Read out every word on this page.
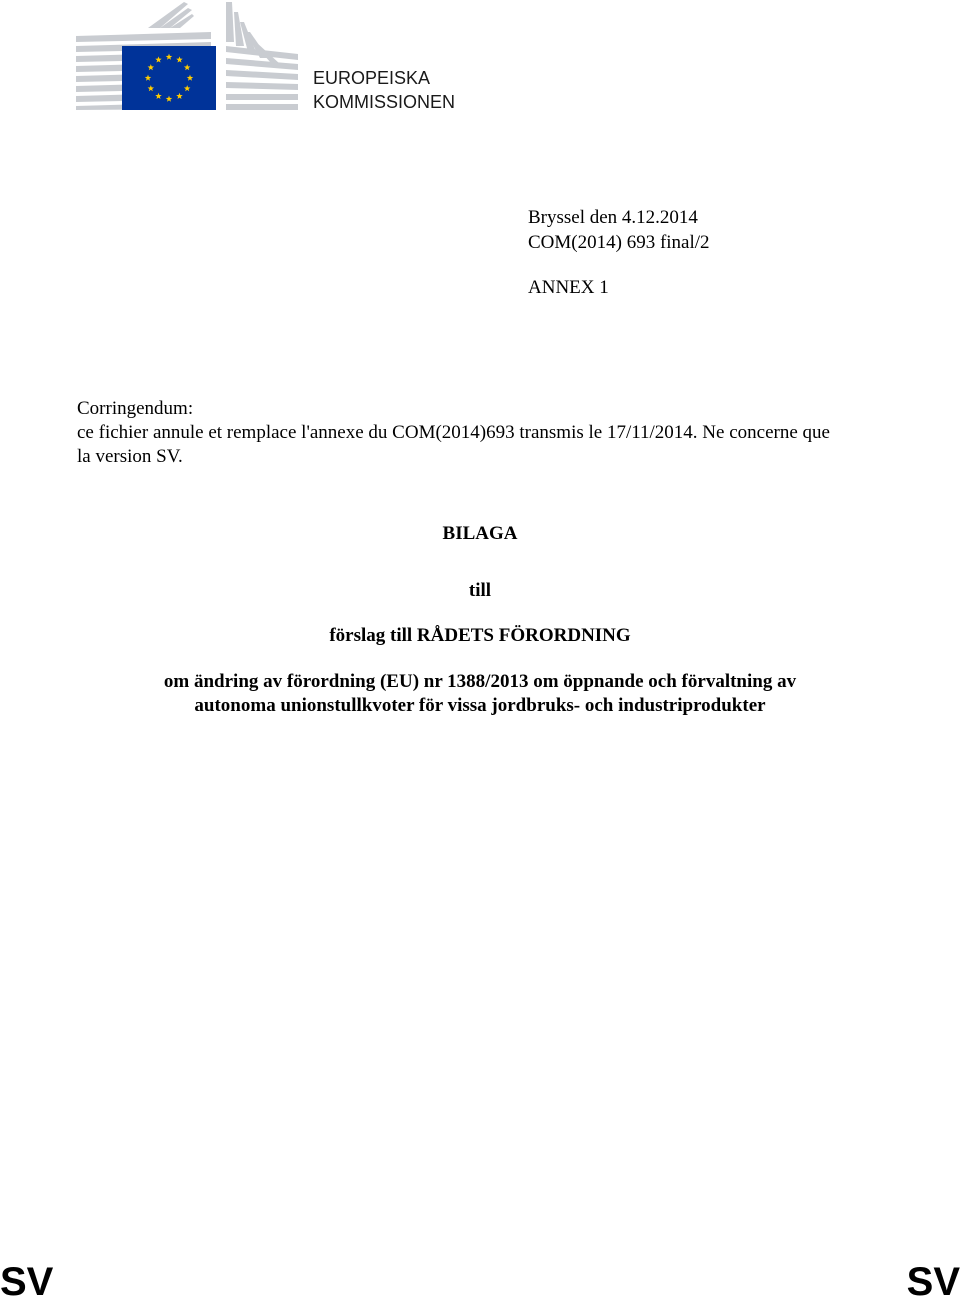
EUROPEISKA
KOMMISSIONEN
Bryssel den 4.12.2014
COM(2014) 693 final/2
ANNEX 1
Corringendum:
ce fichier annule et remplace l'annexe du COM(2014)693 transmis le 17/11/2014. Ne concerne que la version SV.
BILAGA
till
förslag till RÅDETS FÖRORDNING
om ändring av förordning (EU) nr 1388/2013 om öppnande och förvaltning av
autonoma unionstullkvoter för vissa jordbruks- och industriprodukter
SV	SV
